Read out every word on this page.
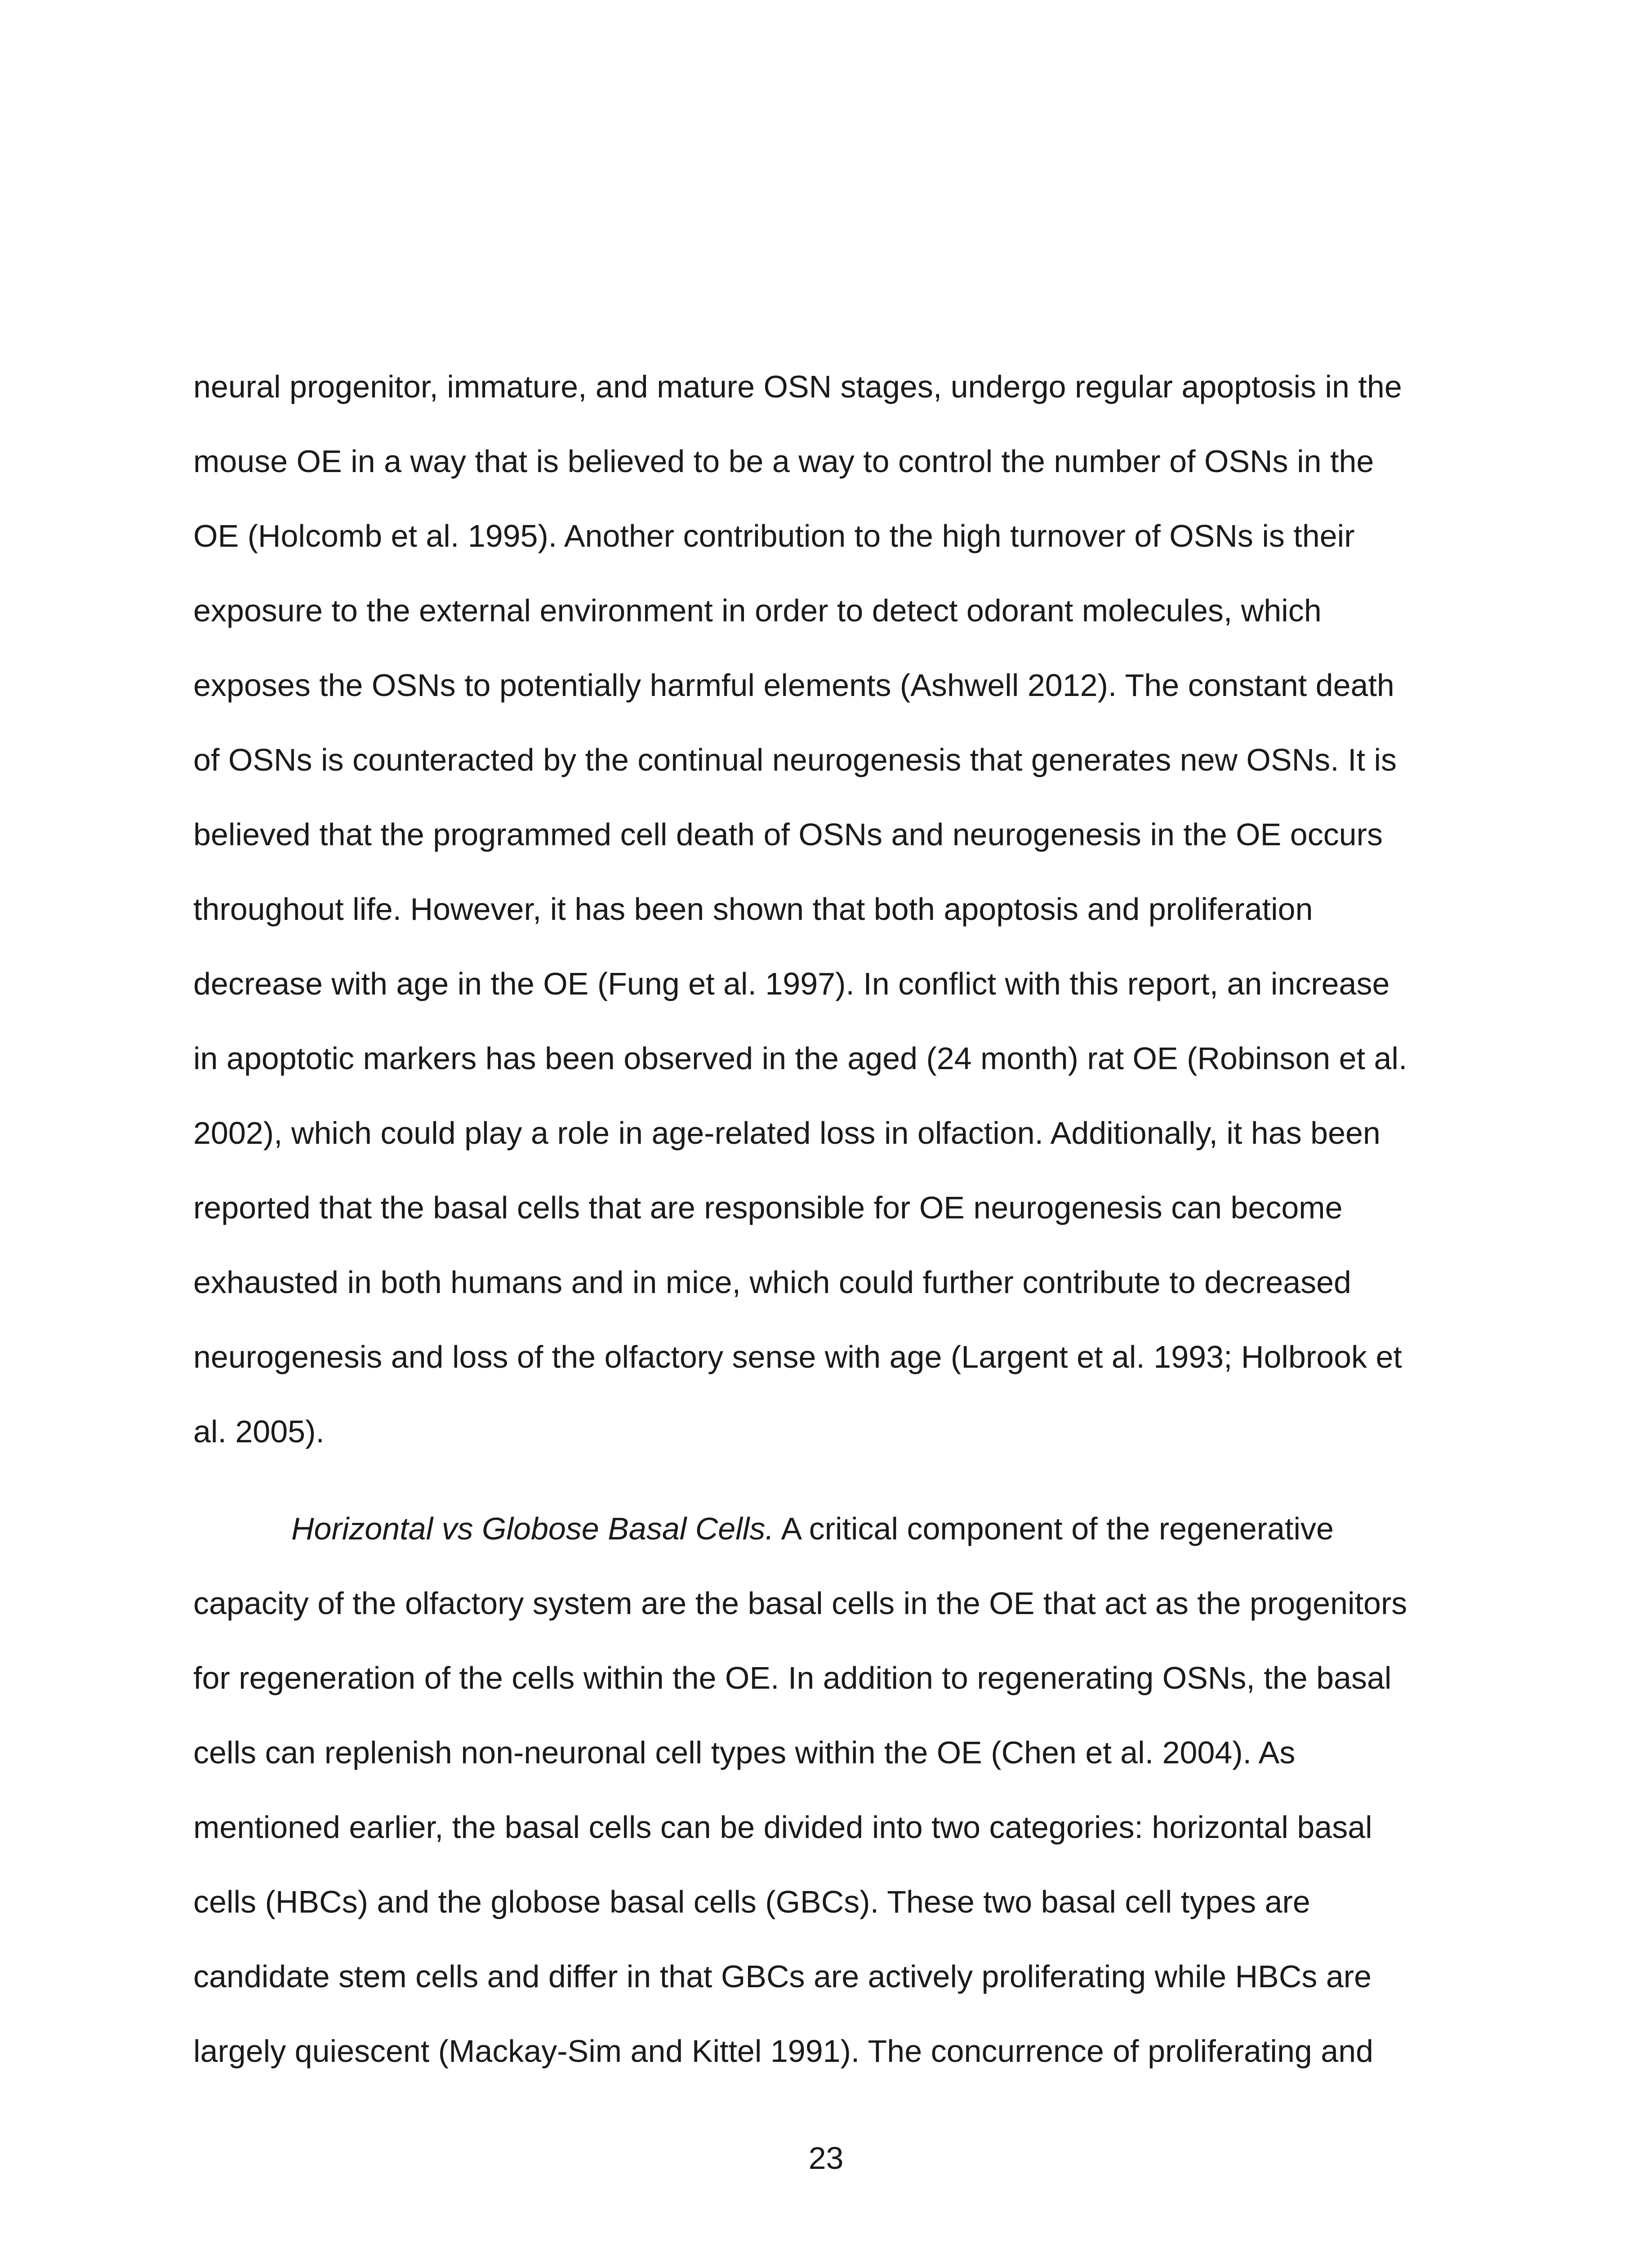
neural progenitor, immature, and mature OSN stages, undergo regular apoptosis in the
mouse OE in a way that is believed to be a way to control the number of OSNs in the
OE (Holcomb et al. 1995). Another contribution to the high turnover of OSNs is their
exposure to the external environment in order to detect odorant molecules, which
exposes the OSNs to potentially harmful elements (Ashwell 2012). The constant death
of OSNs is counteracted by the continual neurogenesis that generates new OSNs. It is
believed that the programmed cell death of OSNs and neurogenesis in the OE occurs
throughout life. However, it has been shown that both apoptosis and proliferation
decrease with age in the OE (Fung et al. 1997). In conflict with this report, an increase
in apoptotic markers has been observed in the aged (24 month) rat OE (Robinson et al.
2002), which could play a role in age-related loss in olfaction. Additionally, it has been
reported that the basal cells that are responsible for OE neurogenesis can become
exhausted in both humans and in mice, which could further contribute to decreased
neurogenesis and loss of the olfactory sense with age (Largent et al. 1993; Holbrook et
al. 2005).
Horizontal vs Globose Basal Cells. A critical component of the regenerative
capacity of the olfactory system are the basal cells in the OE that act as the progenitors
for regeneration of the cells within the OE. In addition to regenerating OSNs, the basal
cells can replenish non-neuronal cell types within the OE (Chen et al. 2004). As
mentioned earlier, the basal cells can be divided into two categories: horizontal basal
cells (HBCs) and the globose basal cells (GBCs). These two basal cell types are
candidate stem cells and differ in that GBCs are actively proliferating while HBCs are
largely quiescent (Mackay-Sim and Kittel 1991). The concurrence of proliferating and
23
